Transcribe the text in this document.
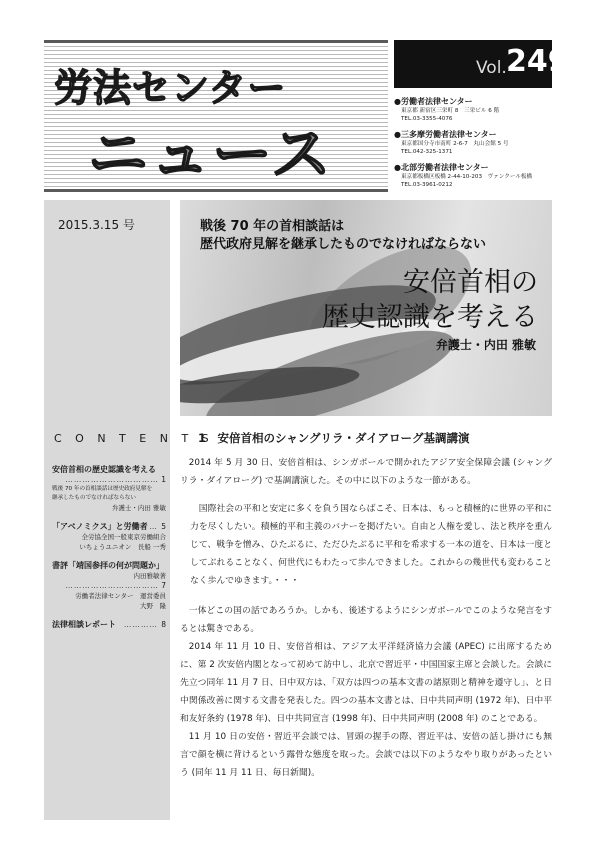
労法センター
ニュース
Vol. 249
●労働者法律センター
東京都 新宿区三栄町 8　三栄ビル 6 階
TEL.03-3355-4076
●三多摩労働者法律センター
東京都国分寺市南町 2-6-7　丸山会館 5 号
TEL.042-325-1371
●北部労働者法律センター
東京都板橋区板橋 2-44-10-203　ヴァンクール板橋
TEL.03-3961-0212
2015.3.15 号
C O N T E N T S
安倍首相の歴史認識を考える
…………………………… 1
戦後 70 年の首相談話は歴史政府見解を
継承したものでなければならない
弁護士・内田 雅敏
「アベノミクス」と労働者 … 5
全労協全国一般東京労働組合
いちょうユニオン　長船 一秀
書評「靖国参拝の何が問題か」
内田雅敏著
…………………………… 7
労働者法律センター　運営委員
大野　隆
法律相談レポート	………… 8
戦後 70 年の首相談話は
歴代政府見解を継承したものでなければならない
安倍首相の
歴史認識を考える
弁護士・内田 雅敏
1　安倍首相のシャングリラ・ダイアローグ基調講演

2014 年 5 月 30 日、安倍首相は、シンガポールで開かれたアジア安全保障会議 (シャングリラ・ダイアローグ) で基調講演した。その中に以下のような一節がある。

国際社会の平和と安定に多くを負う国ならばこそ、日本は、もっと積極的に世界の平和に力を尽くしたい。積極的平和主義のバナーを掲げたい。自由と人権を愛し、法と秩序を重んじて、戦争を憎み、ひたぶるに、ただひたぶるに平和を希求する一本の道を、日本は一度としてぶれることなく、何世代にもわたって歩んできました。これからの幾世代も変わることなく歩んでゆきます。・・・

一体どこの国の話であろうか。しかも、後述するようにシンガポールでこのような発言をするとは驚きである。

2014 年 11 月 10 日、安倍首相は、アジア太平洋経済協力会議 (APEC) に出席するために、第 2 次安倍内閣となって初めて訪中し、北京で習近平・中国国家主席と会談した。会談に先立つ同年 11 月 7 日、日中双方は、「双方は四つの基本文書の諸原則と精神を遵守し」、と日中関係改善に関する文書を発表した。四つの基本文書とは、日中共同声明 (1972 年)、日中平和友好条約 (1978 年)、日中共同宣言 (1998 年)、日中共同声明 (2008 年) のことである。

11 月 10 日の安倍・習近平会談では、冒頭の握手の際、習近平は、安倍の話し掛けにも無言で顔を横に背けるという露骨な態度を取った。会談では以下のようなやり取りがあったという (同年 11 月 11 日、毎日新聞)。
